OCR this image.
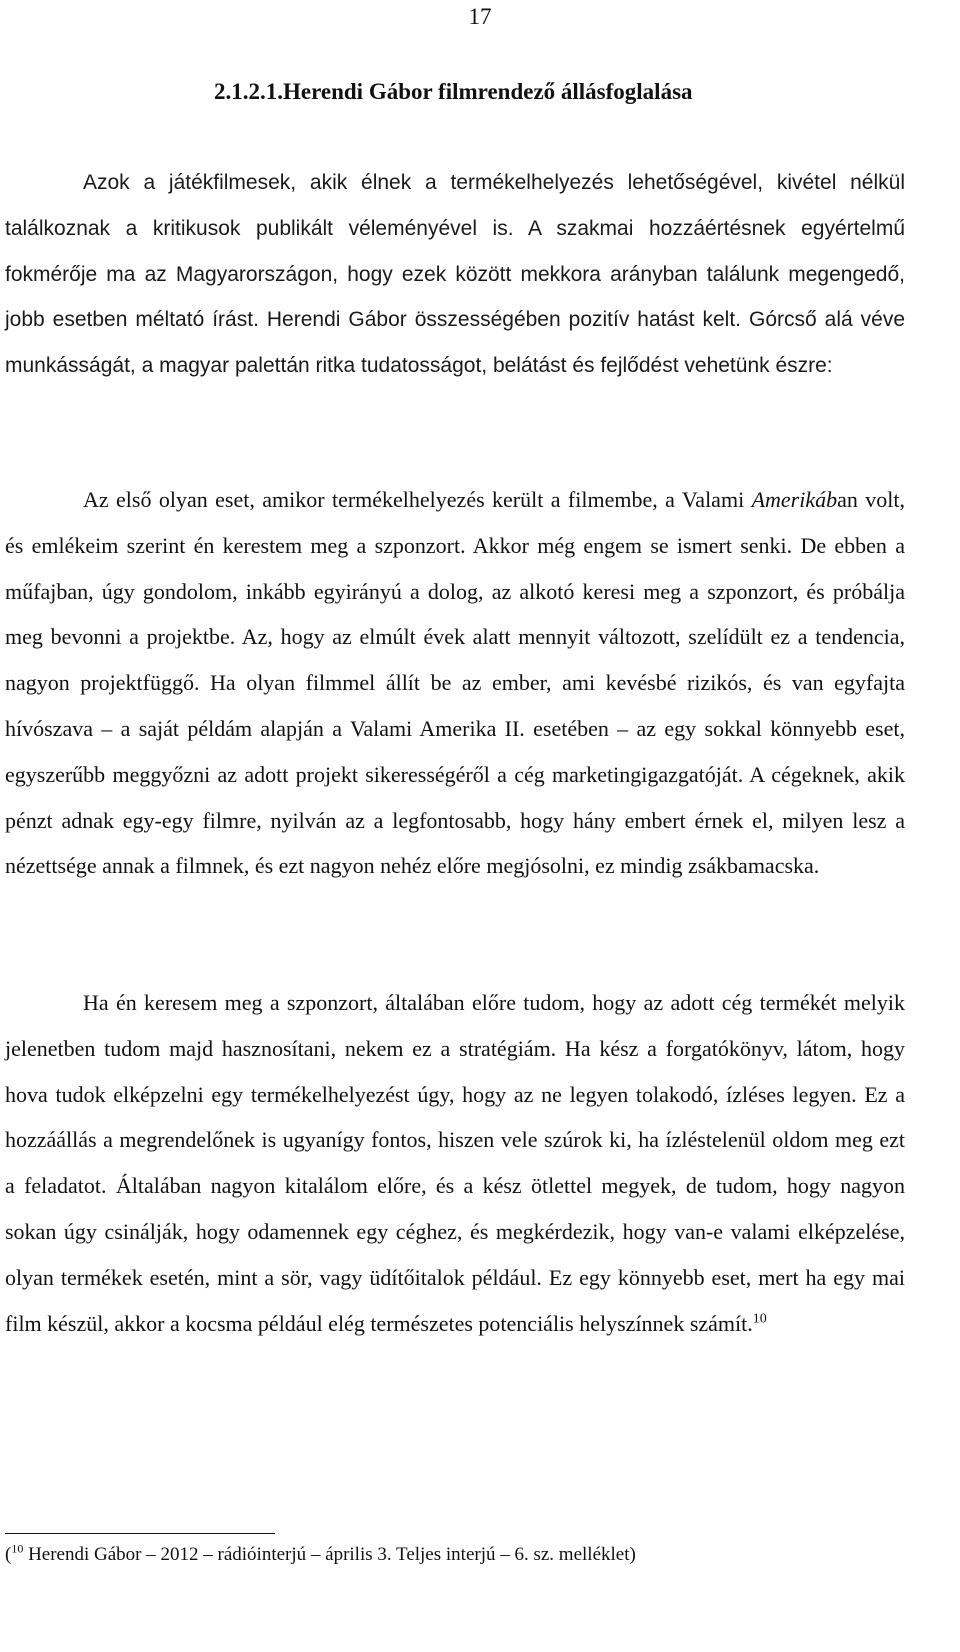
17
2.1.2.1.Herendi Gábor filmrendező állásfoglalása

Azok a játékfilmesek, akik élnek a termékelhelyezés lehetőségével, kivétel nélkül találkoznak a kritikusok publikált véleményével is. A szakmai hozzáértésnek egyértelmű fokmérője ma az Magyarországon, hogy ezek között mekkora arányban találunk megengedő, jobb esetben méltató írást. Herendi Gábor összességében pozitív hatást kelt. Górcső alá véve munkásságát, a magyar palettán ritka tudatosságot, belátást és fejlődést vehetünk észre:

Az első olyan eset, amikor termékelhelyezés került a filmembe, a Valami Amerikában volt, és emlékeim szerint én kerestem meg a szponzort. Akkor még engem se ismert senki. De ebben a műfajban, úgy gondolom, inkább egyirányú a dolog, az alkotó keresi meg a szponzort, és próbálja meg bevonni a projektbe. Az, hogy az elmúlt évek alatt mennyit változott, szelídült ez a tendencia, nagyon projektfüggő. Ha olyan filmmel állít be az ember, ami kevésbé rizikós, és van egyfajta hívószava – a saját példám alapján a Valami Amerika II. esetében – az egy sokkal könnyebb eset, egyszerűbb meggyőzni az adott projekt sikerességéről a cég marketingigazgatóját. A cégeknek, akik pénzt adnak egy-egy filmre, nyilván az a legfontosabb, hogy hány embert érnek el, milyen lesz a nézettsége annak a filmnek, és ezt nagyon nehéz előre megjósolni, ez mindig zsákbamacska.

Ha én keresem meg a szponzort, általában előre tudom, hogy az adott cég termékét melyik jelenetben tudom majd hasznosítani, nekem ez a stratégiám. Ha kész a forgatókönyv, látom, hogy hova tudok elképzelni egy termékelhelyezést úgy, hogy az ne legyen tolakodó, ízléses legyen. Ez a hozzáállás a megrendelőnek is ugyanígy fontos, hiszen vele szúrok ki, ha ízléstelenül oldom meg ezt a feladatot. Általában nagyon kitalálom előre, és a kész ötlettel megyek, de tudom, hogy nagyon sokan úgy csinálják, hogy odamennek egy céghez, és megkérdezik, hogy van-e valami elképzelése, olyan termékek esetén, mint a sör, vagy üdítőitalok például. Ez egy könnyebb eset, mert ha egy mai film készül, akkor a kocsma például elég természetes potenciális helyszínnek számít.$^{10}$

($^{10}$ Herendi Gábor – 2012 – rádióinterjú – április 3. Teljes interjú – 6. sz. melléklet)
